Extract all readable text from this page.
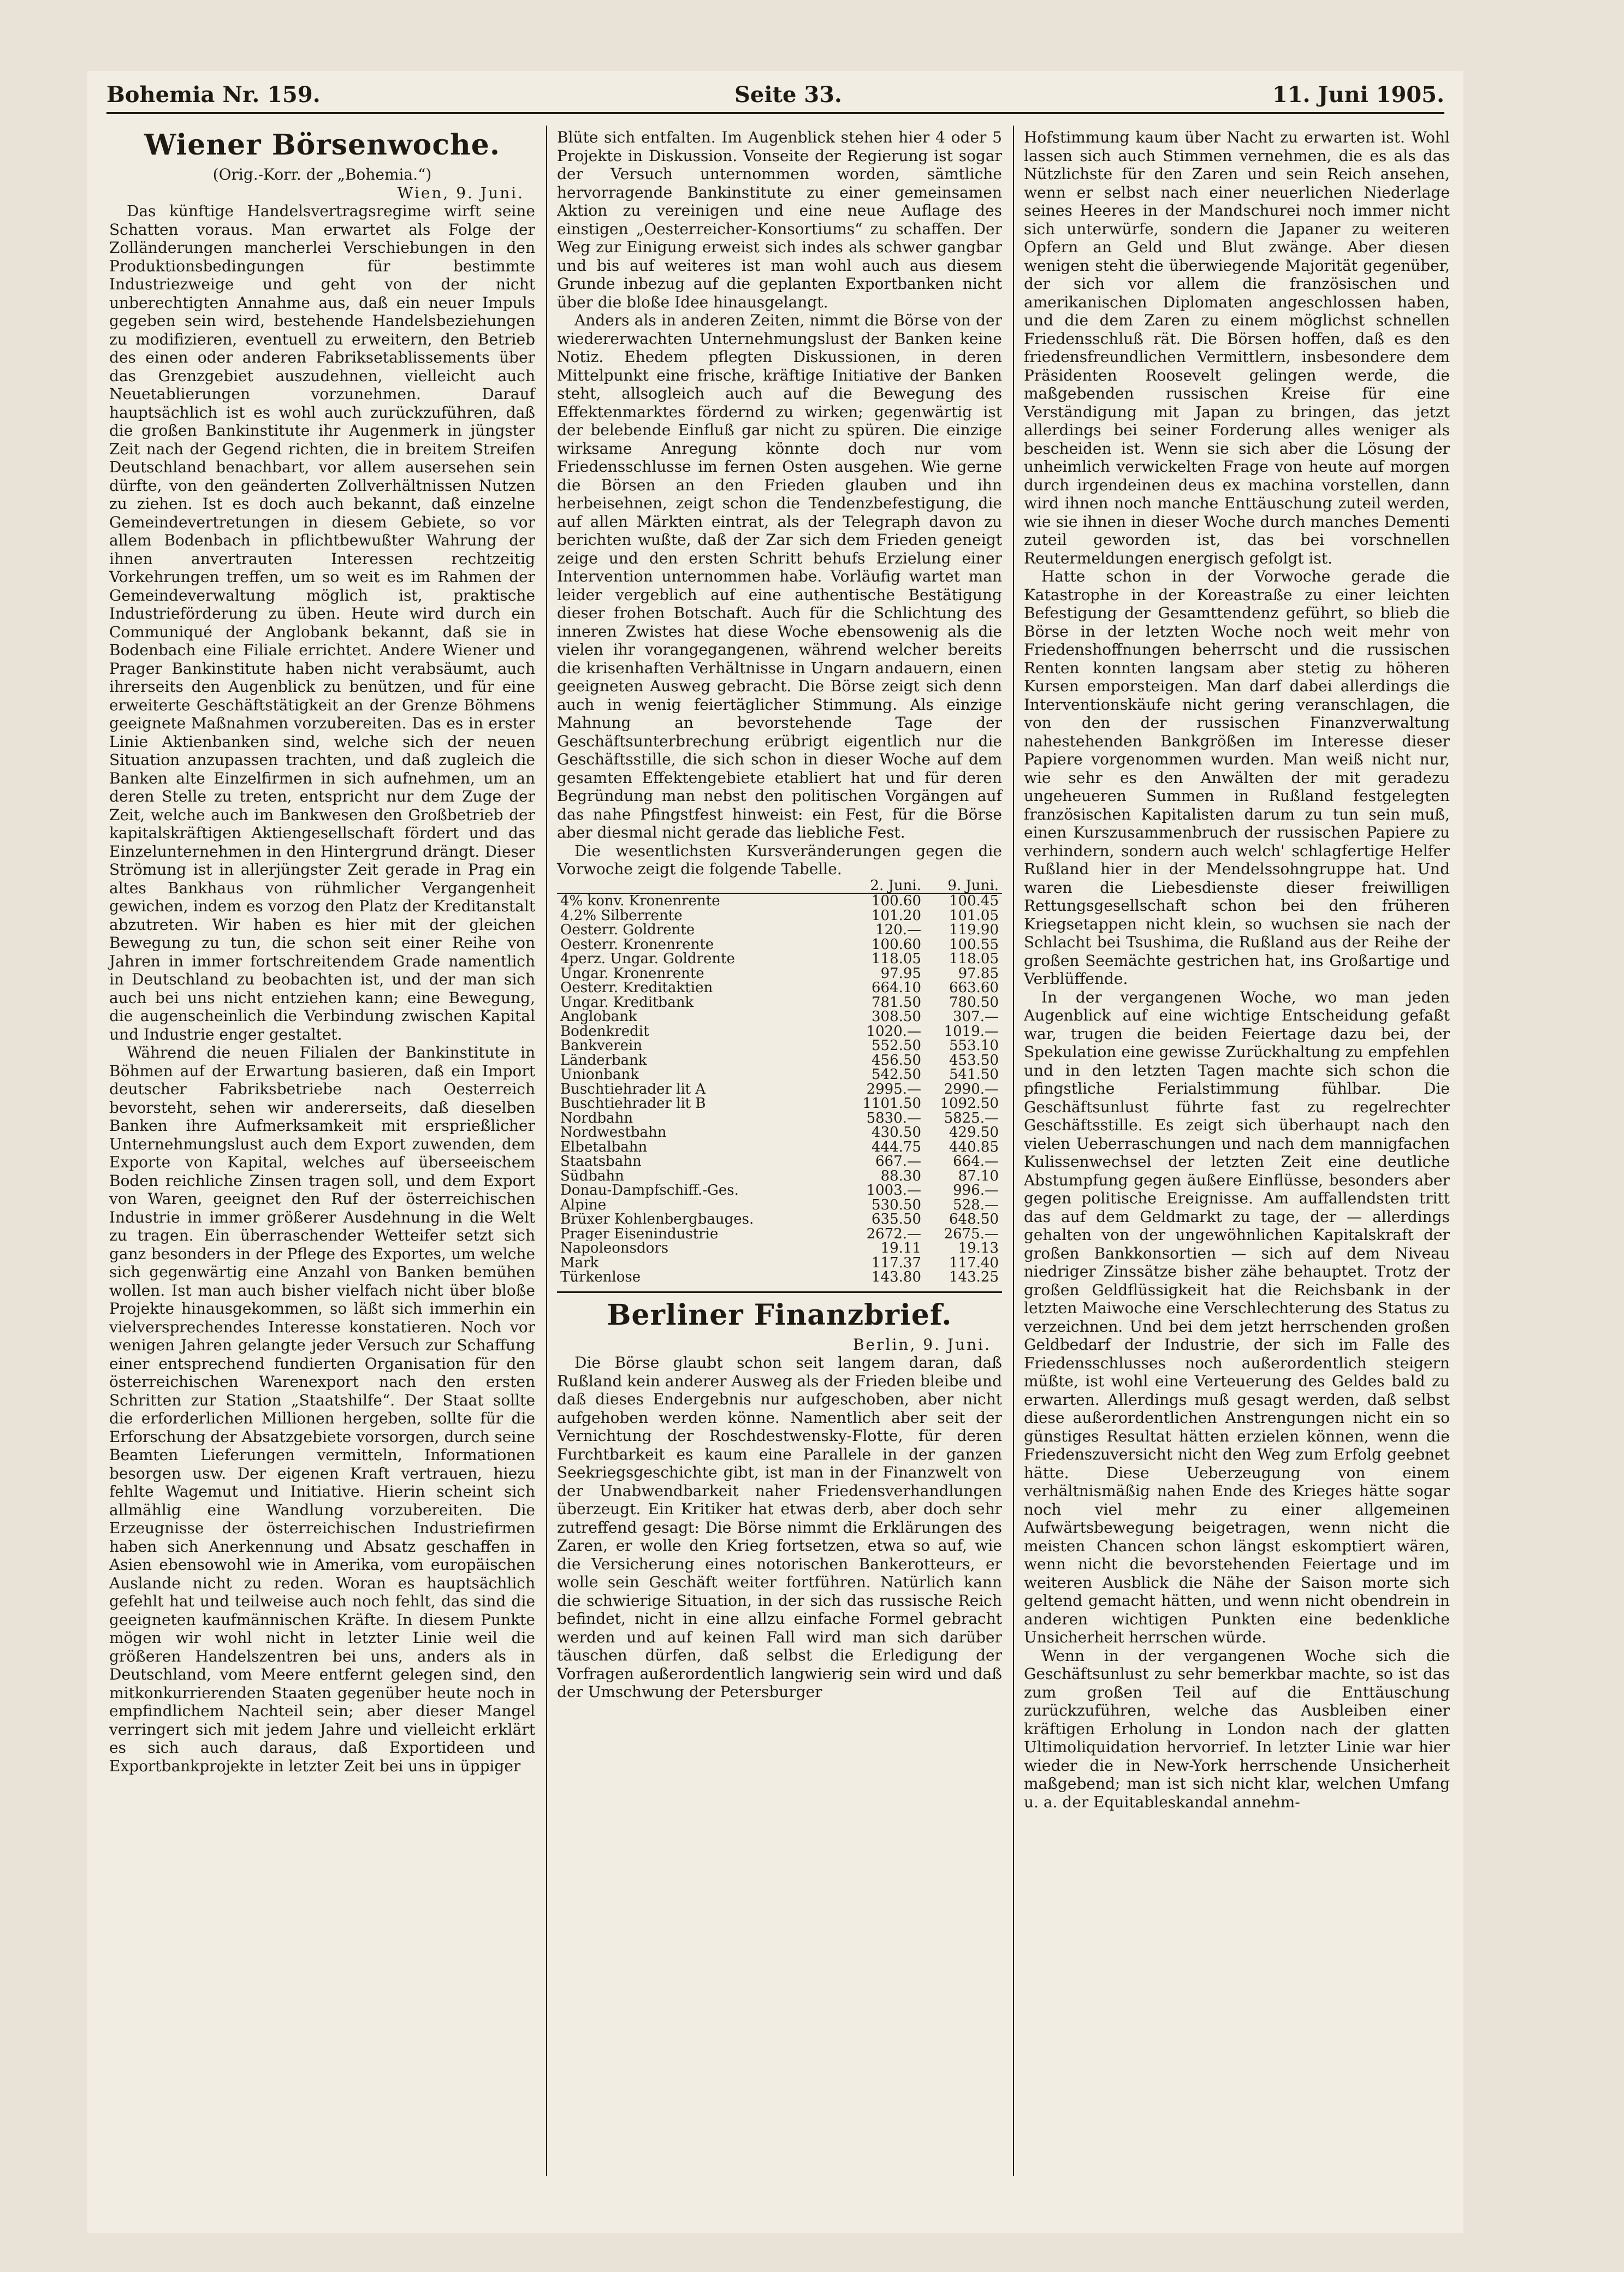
Bohemia Nr. 159.	Seite 33.	11. Juni 1905.
Wiener Börsenwoche.

(Orig.-Korr. der „Bohemia.“)

Wien, 9. Juni.

Das künftige Handelsvertragsregime wirft seine Schatten voraus. Man erwartet als Folge der Zolländerungen mancherlei Verschiebungen in den Produktionsbedingungen für bestimmte Industriezweige und geht von der nicht unberechtigten Annahme aus, daß ein neuer Impuls gegeben sein wird, bestehende Handelsbeziehungen zu modifizieren, eventuell zu erweitern, den Betrieb des einen oder anderen Fabriksetablissements über das Grenzgebiet auszudehnen, vielleicht auch Neuetablierungen vorzunehmen. Darauf hauptsächlich ist es wohl auch zurückzuführen, daß die großen Bankinstitute ihr Augenmerk in jüngster Zeit nach der Gegend richten, die in breitem Streifen Deutschland benachbart, vor allem ausersehen sein dürfte, von den geänderten Zollverhältnissen Nutzen zu ziehen. Ist es doch auch bekannt, daß einzelne Gemeindevertretungen in diesem Gebiete, so vor allem Bodenbach in pflichtbewußter Wahrung der ihnen anvertrauten Interessen rechtzeitig Vorkehrungen treffen, um so weit es im Rahmen der Gemeindeverwaltung möglich ist, praktische Industrieförderung zu üben. Heute wird durch ein Communiqué der Anglobank bekannt, daß sie in Bodenbach eine Filiale errichtet. Andere Wiener und Prager Bankinstitute haben nicht verabsäumt, auch ihrerseits den Augenblick zu benützen, und für eine erweiterte Geschäftstätigkeit an der Grenze Böhmens geeignete Maßnahmen vorzubereiten. Das es in erster Linie Aktienbanken sind, welche sich der neuen Situation anzupassen trachten, und daß zugleich die Banken alte Einzelfirmen in sich aufnehmen, um an deren Stelle zu treten, entspricht nur dem Zuge der Zeit, welche auch im Bankwesen den Großbetrieb der kapitalskräftigen Aktiengesellschaft fördert und das Einzelunternehmen in den Hintergrund drängt. Dieser Strömung ist in allerjüngster Zeit gerade in Prag ein altes Bankhaus von rühmlicher Vergangenheit gewichen, indem es vorzog den Platz der Kreditanstalt abzutreten. Wir haben es hier mit der gleichen Bewegung zu tun, die schon seit einer Reihe von Jahren in immer fortschreitendem Grade namentlich in Deutschland zu beobachten ist, und der man sich auch bei uns nicht entziehen kann; eine Bewegung, die augenscheinlich die Verbindung zwischen Kapital und Industrie enger gestaltet.

Während die neuen Filialen der Bankinstitute in Böhmen auf der Erwartung basieren, daß ein Import deutscher Fabriksbetriebe nach Oesterreich bevorsteht, sehen wir andererseits, daß dieselben Banken ihre Aufmerksamkeit mit ersprießlicher Unternehmungslust auch dem Export zuwenden, dem Exporte von Kapital, welches auf überseeischem Boden reichliche Zinsen tragen soll, und dem Export von Waren, geeignet den Ruf der österreichischen Industrie in immer größerer Ausdehnung in die Welt zu tragen. Ein überraschender Wetteifer setzt sich ganz besonders in der Pflege des Exportes, um welche sich gegenwärtig eine Anzahl von Banken bemühen wollen. Ist man auch bisher vielfach nicht über bloße Projekte hinausgekommen, so läßt sich immerhin ein vielversprechendes Interesse konstatieren. Noch vor wenigen Jahren gelangte jeder Versuch zur Schaffung einer entsprechend fundierten Organisation für den österreichischen Warenexport nach den ersten Schritten zur Station „Staatshilfe“. Der Staat sollte die erforderlichen Millionen hergeben, sollte für die Erforschung der Absatzgebiete vorsorgen, durch seine Beamten Lieferungen vermitteln, Informationen besorgen usw. Der eigenen Kraft vertrauen, hiezu fehlte Wagemut und Initiative. Hierin scheint sich allmählig eine Wandlung vorzubereiten. Die Erzeugnisse der österreichischen Industriefirmen haben sich Anerkennung und Absatz geschaffen in Asien ebensowohl wie in Amerika, vom europäischen Auslande nicht zu reden. Woran es hauptsächlich gefehlt hat und teilweise auch noch fehlt, das sind die geeigneten kaufmännischen Kräfte. In diesem Punkte mögen wir wohl nicht in letzter Linie weil die größeren Handelszentren bei uns, anders als in Deutschland, vom Meere entfernt gelegen sind, den mitkonkurrierenden Staaten gegenüber heute noch in empfindlichem Nachteil sein; aber dieser Mangel verringert sich mit jedem Jahre und vielleicht erklärt es sich auch daraus, daß Exportideen und Exportbankprojekte in letzter Zeit bei uns in üppiger

Blüte sich entfalten. Im Augenblick stehen hier 4 oder 5 Projekte in Diskussion. Vonseite der Regierung ist sogar der Versuch unternommen worden, sämtliche hervorragende Bankinstitute zu einer gemeinsamen Aktion zu vereinigen und eine neue Auflage des einstigen „Oesterreicher-Konsortiums“ zu schaffen. Der Weg zur Einigung erweist sich indes als schwer gangbar und bis auf weiteres ist man wohl auch aus diesem Grunde inbezug auf die geplanten Exportbanken nicht über die bloße Idee hinausgelangt.

Anders als in anderen Zeiten, nimmt die Börse von der wiedererwachten Unternehmungslust der Banken keine Notiz. Ehedem pflegten Diskussionen, in deren Mittelpunkt eine frische, kräftige Initiative der Banken steht, allsogleich auch auf die Bewegung des Effektenmarktes fördernd zu wirken; gegenwärtig ist der belebende Einfluß gar nicht zu spüren. Die einzige wirksame Anregung könnte doch nur vom Friedensschlusse im fernen Osten ausgehen. Wie gerne die Börsen an den Frieden glauben und ihn herbeisehnen, zeigt schon die Tendenzbefestigung, die auf allen Märkten eintrat, als der Telegraph davon zu berichten wußte, daß der Zar sich dem Frieden geneigt zeige und den ersten Schritt behufs Erzielung einer Intervention unternommen habe. Vorläufig wartet man leider vergeblich auf eine authentische Bestätigung dieser frohen Botschaft. Auch für die Schlichtung des inneren Zwistes hat diese Woche ebensowenig als die vielen ihr vorangegangenen, während welcher bereits die krisenhaften Verhältnisse in Ungarn andauern, einen geeigneten Ausweg gebracht. Die Börse zeigt sich denn auch in wenig feiertäglicher Stimmung. Als einzige Mahnung an bevorstehende Tage der Geschäftsunterbrechung erübrigt eigentlich nur die Geschäftsstille, die sich schon in dieser Woche auf dem gesamten Effektengebiete etabliert hat und für deren Begründung man nebst den politischen Vorgängen auf das nahe Pfingstfest hinweist: ein Fest, für die Börse aber diesmal nicht gerade das liebliche Fest.

Die wesentlichsten Kursveränderungen gegen die Vorwoche zeigt die folgende Tabelle.

	2. Juni.	9. Juni.
4% konv. Kronenrente	100.60	100.45
4.2% Silberrente	101.20	101.05
Oesterr. Goldrente	120.—	119.90
Oesterr. Kronenrente	100.60	100.55
4perz. Ungar. Goldrente	118.05	118.05
Ungar. Kronenrente	97.95	97.85
Oesterr. Kreditaktien	664.10	663.60
Ungar. Kreditbank	781.50	780.50
Anglobank	308.50	307.—
Bodenkredit	1020.—	1019.—
Bankverein	552.50	553.10
Länderbank	456.50	453.50
Unionbank	542.50	541.50
Buschtiehrader lit A	2995.—	2990.—
Buschtiehrader lit B	1101.50	1092.50
Nordbahn	5830.—	5825.—
Nordwestbahn	430.50	429.50
Elbetalbahn	444.75	440.85
Staatsbahn	667.—	664.—
Südbahn	88.30	87.10
Donau-Dampfschiff.-Ges.	1003.—	996.—
Alpine	530.50	528.—
Brüxer Kohlenbergbauges.	635.50	648.50
Prager Eisenindustrie	2672.—	2675.—
Napoleonsdors	19.11	19.13
Mark	117.37	117.40
Türkenlose	143.80	143.25
Berliner Finanzbrief.

Berlin, 9. Juni.

Die Börse glaubt schon seit langem daran, daß Rußland kein anderer Ausweg als der Frieden bleibe und daß dieses Endergebnis nur aufgeschoben, aber nicht aufgehoben werden könne. Namentlich aber seit der Vernichtung der Roschdestwensky-Flotte, für deren Furchtbarkeit es kaum eine Parallele in der ganzen Seekriegsgeschichte gibt, ist man in der Finanzwelt von der Unabwendbarkeit naher Friedensverhandlungen überzeugt. Ein Kritiker hat etwas derb, aber doch sehr zutreffend gesagt: Die Börse nimmt die Erklärungen des Zaren, er wolle den Krieg fortsetzen, etwa so auf, wie die Versicherung eines notorischen Bankerotteurs, er wolle sein Geschäft weiter fortführen. Natürlich kann die schwierige Situation, in der sich das russische Reich befindet, nicht in eine allzu einfache Formel gebracht werden und auf keinen Fall wird man sich darüber täuschen dürfen, daß selbst die Erledigung der Vorfragen außerordentlich langwierig sein wird und daß der Umschwung der Petersburger

Hofstimmung kaum über Nacht zu erwarten ist. Wohl lassen sich auch Stimmen vernehmen, die es als das Nützlichste für den Zaren und sein Reich ansehen, wenn er selbst nach einer neuerlichen Niederlage seines Heeres in der Mandschurei noch immer nicht sich unterwürfe, sondern die Japaner zu weiteren Opfern an Geld und Blut zwänge. Aber diesen wenigen steht die überwiegende Majorität gegenüber, der sich vor allem die französischen und amerikanischen Diplomaten angeschlossen haben, und die dem Zaren zu einem möglichst schnellen Friedensschluß rät. Die Börsen hoffen, daß es den friedensfreundlichen Vermittlern, insbesondere dem Präsidenten Roosevelt gelingen werde, die maßgebenden russischen Kreise für eine Verständigung mit Japan zu bringen, das jetzt allerdings bei seiner Forderung alles weniger als bescheiden ist. Wenn sie sich aber die Lösung der unheimlich verwickelten Frage von heute auf morgen durch irgendeinen deus ex machina vorstellen, dann wird ihnen noch manche Enttäuschung zuteil werden, wie sie ihnen in dieser Woche durch manches Dementi zuteil geworden ist, das bei vorschnellen Reutermeldungen energisch gefolgt ist.

Hatte schon in der Vorwoche gerade die Katastrophe in der Koreastraße zu einer leichten Befestigung der Gesamttendenz geführt, so blieb die Börse in der letzten Woche noch weit mehr von Friedenshoffnungen beherrscht und die russischen Renten konnten langsam aber stetig zu höheren Kursen emporsteigen. Man darf dabei allerdings die Interventionskäufe nicht gering veranschlagen, die von den der russischen Finanzverwaltung nahestehenden Bankgrößen im Interesse dieser Papiere vorgenommen wurden. Man weiß nicht nur, wie sehr es den Anwälten der mit geradezu ungeheueren Summen in Rußland festgelegten französischen Kapitalisten darum zu tun sein muß, einen Kurszusammenbruch der russischen Papiere zu verhindern, sondern auch welch' schlagfertige Helfer Rußland hier in der Mendelssohngruppe hat. Und waren die Liebesdienste dieser freiwilligen Rettungsgesellschaft schon bei den früheren Kriegsetappen nicht klein, so wuchsen sie nach der Schlacht bei Tsushima, die Rußland aus der Reihe der großen Seemächte gestrichen hat, ins Großartige und Verblüffende.

In der vergangenen Woche, wo man jeden Augenblick auf eine wichtige Entscheidung gefaßt war, trugen die beiden Feiertage dazu bei, der Spekulation eine gewisse Zurückhaltung zu empfehlen und in den letzten Tagen machte sich schon die pfingstliche Ferialstimmung fühlbar. Die Geschäftsunlust führte fast zu regelrechter Geschäftsstille. Es zeigt sich überhaupt nach den vielen Ueberraschungen und nach dem mannigfachen Kulissenwechsel der letzten Zeit eine deutliche Abstumpfung gegen äußere Einflüsse, besonders aber gegen politische Ereignisse. Am auffallendsten tritt das auf dem Geldmarkt zu tage, der — allerdings gehalten von der ungewöhnlichen Kapitalskraft der großen Bankkonsortien — sich auf dem Niveau niedriger Zinssätze bisher zähe behauptet. Trotz der großen Geldflüssigkeit hat die Reichsbank in der letzten Maiwoche eine Verschlechterung des Status zu verzeichnen. Und bei dem jetzt herrschenden großen Geldbedarf der Industrie, der sich im Falle des Friedensschlusses noch außerordentlich steigern müßte, ist wohl eine Verteuerung des Geldes bald zu erwarten. Allerdings muß gesagt werden, daß selbst diese außerordentlichen Anstrengungen nicht ein so günstiges Resultat hätten erzielen können, wenn die Friedenszuversicht nicht den Weg zum Erfolg geebnet hätte. Diese Ueberzeugung von einem verhältnismäßig nahen Ende des Krieges hätte sogar noch viel mehr zu einer allgemeinen Aufwärtsbewegung beigetragen, wenn nicht die meisten Chancen schon längst eskomptiert wären, wenn nicht die bevorstehenden Feiertage und im weiteren Ausblick die Nähe der Saison morte sich geltend gemacht hätten, und wenn nicht obendrein in anderen wichtigen Punkten eine bedenkliche Unsicherheit herrschen würde.

Wenn in der vergangenen Woche sich die Geschäftsunlust zu sehr bemerkbar machte, so ist das zum großen Teil auf die Enttäuschung zurückzuführen, welche das Ausbleiben einer kräftigen Erholung in London nach der glatten Ultimoliquidation hervorrief. In letzter Linie war hier wieder die in New-York herrschende Unsicherheit maßgebend; man ist sich nicht klar, welchen Umfang u. a. der Equitableskandal annehm-
